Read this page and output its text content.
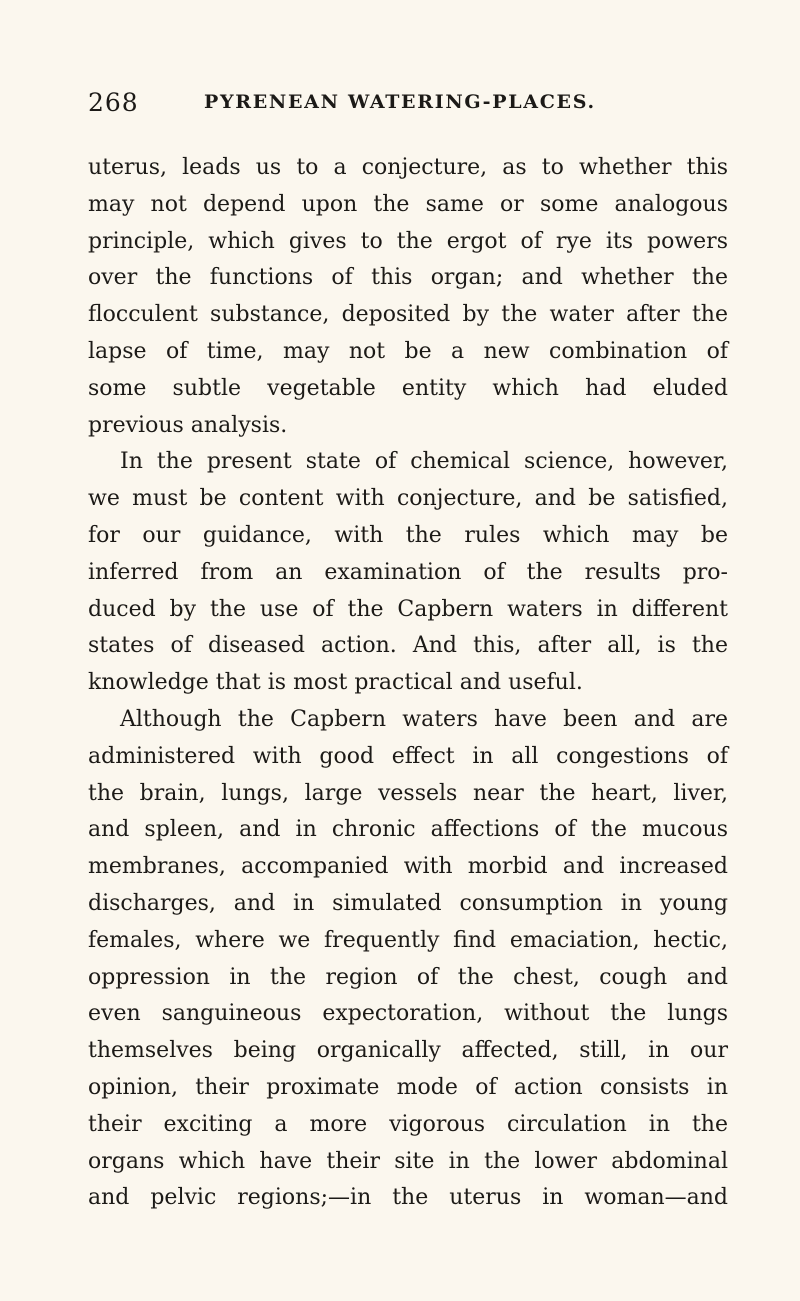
268	PYRENEAN WATERING-PLACES.
uterus, leads us to a conjecture, as to whether this
may not depend upon the same or some analogous
principle, which gives to the ergot of rye its powers
over the functions of this organ; and whether the
flocculent substance, deposited by the water after the
lapse of time, may not be a new combination of
some subtle vegetable entity which had eluded
previous analysis.
In the present state of chemical science, however,
we must be content with conjecture, and be satisfied,
for our guidance, with the rules which may be
inferred from an examination of the results pro-
duced by the use of the Capbern waters in different
states of diseased action. And this, after all, is the
knowledge that is most practical and useful.
Although the Capbern waters have been and are
administered with good effect in all congestions of
the brain, lungs, large vessels near the heart, liver,
and spleen, and in chronic affections of the mucous
membranes, accompanied with morbid and increased
discharges, and in simulated consumption in young
females, where we frequently find emaciation, hectic,
oppression in the region of the chest, cough and
even sanguineous expectoration, without the lungs
themselves being organically affected, still, in our
opinion, their proximate mode of action consists in
their exciting a more vigorous circulation in the
organs which have their site in the lower abdominal
and pelvic regions;—in the uterus in woman—and
